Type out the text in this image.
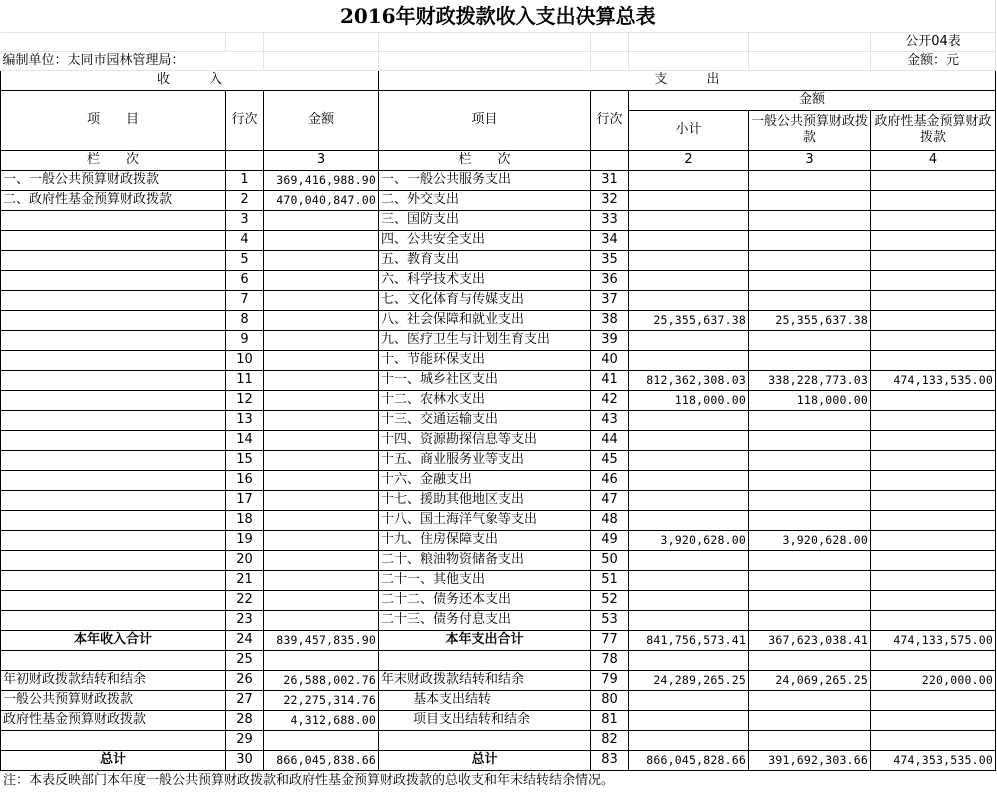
2016年财政拨款收入支出决算总表							
							公开04表
编制单位：太同市园林管理局：							金额：元
收　　　入			支　　　出				
项　　目	行次	金额	项目	行次	金额		
					小计	一般公共预算财政拨款	政府性基金预算财政拨款
栏　　次		3	栏　　次		2	3	4
一、一般公共预算财政拨款	1	369,416,988.90	一、一般公共服务支出	31			
二、政府性基金预算财政拨款	2	470,040,847.00	二、外交支出	32			
	3		三、国防支出	33			
	4		四、公共安全支出	34			
	5		五、教育支出	35			
	6		六、科学技术支出	36			
	7		七、文化体育与传媒支出	37			
	8		八、社会保障和就业支出	38	25,355,637.38	25,355,637.38	
	9		九、医疗卫生与计划生育支出	39			
	10		十、节能环保支出	40			
	11		十一、城乡社区支出	41	812,362,308.03	338,228,773.03	474,133,535.00
	12		十二、农林水支出	42	118,000.00	118,000.00	
	13		十三、交通运输支出	43			
	14		十四、资源勘探信息等支出	44			
	15		十五、商业服务业等支出	45			
	16		十六、金融支出	46			
	17		十七、援助其他地区支出	47			
	18		十八、国土海洋气象等支出	48			
	19		十九、住房保障支出	49	3,920,628.00	3,920,628.00	
	20		二十、粮油物资储备支出	50			
	21		二十一、其他支出	51			
	22		二十二、债务还本支出	52			
	23		二十三、债务付息支出	53			
本年收入合计	24	839,457,835.90	本年支出合计	77	841,756,573.41	367,623,038.41	474,133,575.00
	25			78			
年初财政拨款结转和结余	26	26,588,002.76	年末财政拨款结转和结余	79	24,289,265.25	24,069,265.25	220,000.00
一般公共预算财政拨款	27	22,275,314.76	基本支出结转	80			
政府性基金预算财政拨款	28	4,312,688.00	项目支出结转和结余	81			
	29			82			
总计	30	866,045,838.66	总计	83	866,045,828.66	391,692,303.66	474,353,535.00
注：本表反映部门本年度一般公共预算财政拨款和政府性基金预算财政拨款的总收支和年末结转结余情况。
